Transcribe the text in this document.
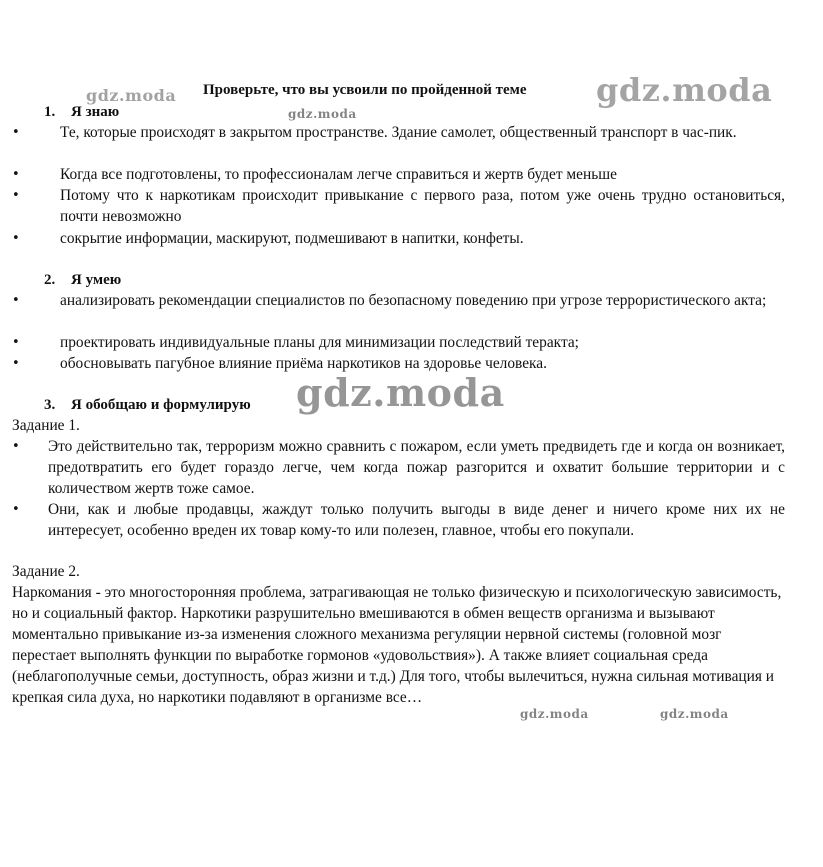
Проверьте, что вы усвоили по пройденной теме
1. Я знаю
•	Те, которые происходят в закрытом пространстве. Здание самолет, общественный транспорт в час-пик.
•	Когда все подготовлены, то профессионалам легче справиться и жертв будет меньше
•	Потому что к наркотикам происходит привыкание с первого раза, потом уже очень трудно остановиться, почти невозможно
•	сокрытие информации, маскируют, подмешивают в напитки, конфеты.
2. Я умею
•	анализировать рекомендации специалистов по безопасному поведению при угрозе террористического акта;
•	проектировать индивидуальные планы для минимизации последствий теракта;
•	обосновывать пагубное влияние приёма наркотиков на здоровье человека.
3. Я обобщаю и формулирую
Задание 1.
• Это действительно так, терроризм можно сравнить с пожаром, если уметь предвидеть где и когда он возникает, предотвратить его будет гораздо легче, чем когда пожар разгорится и охватит большие территории и с количеством жертв тоже самое.
• Они, как и любые продавцы, жаждут только получить выгоды в виде денег и ничего кроме них их не интересует, особенно вреден их товар кому-то или полезен, главное, чтобы его покупали.
Задание 2.
Наркомания - это многосторонняя проблема, затрагивающая не только физическую и психологическую зависимость, но и социальный фактор. Наркотики разрушительно вмешиваются в обмен веществ организма и вызывают моментально привыкание из-за изменения сложного механизма регуляции нервной системы (головной мозг перестает выполнять функции по выработке гормонов «удовольствия»). А также влияет социальная среда (неблагополучные семьи, доступность, образ жизни и т.д.) Для того, чтобы вылечиться, нужна сильная мотивация и крепкая сила духа, но наркотики подавляют в организме все…
gdz.moda
gdz.moda
gdz.moda
gdz.moda
gdz.moda	gdz.moda
